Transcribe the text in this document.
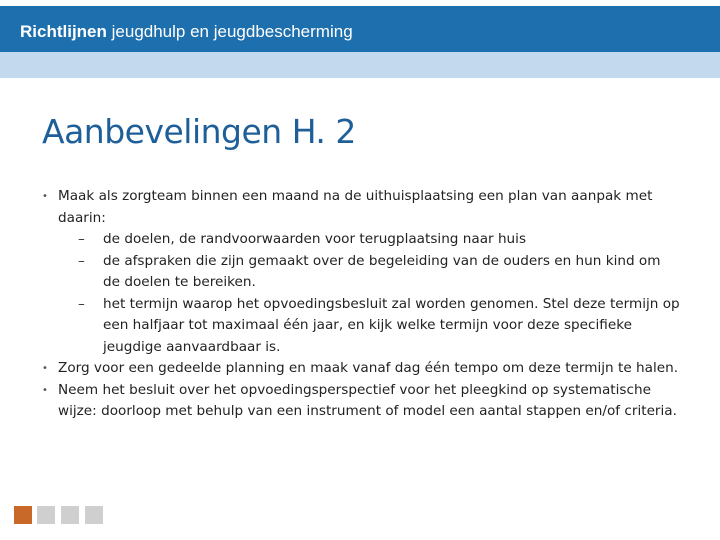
Richtlijnen jeugdhulp en jeugdbescherming
Aanbevelingen H. 2
• Maak als zorgteam binnen een maand na de uithuisplaatsing een plan van aanpak met daarin:
– de doelen, de randvoorwaarden voor terugplaatsing naar huis
– de afspraken die zijn gemaakt over de begeleiding van de ouders en hun kind om de doelen te bereiken.
– het termijn waarop het opvoedingsbesluit zal worden genomen. Stel deze termijn op een halfjaar tot maximaal één jaar, en kijk welke termijn voor deze specifieke jeugdige aanvaardbaar is.
• Zorg voor een gedeelde planning en maak vanaf dag één tempo om deze termijn te halen.
• Neem het besluit over het opvoedingsperspectief voor het pleegkind op systematische wijze: doorloop met behulp van een instrument of model een aantal stappen en/of criteria.
